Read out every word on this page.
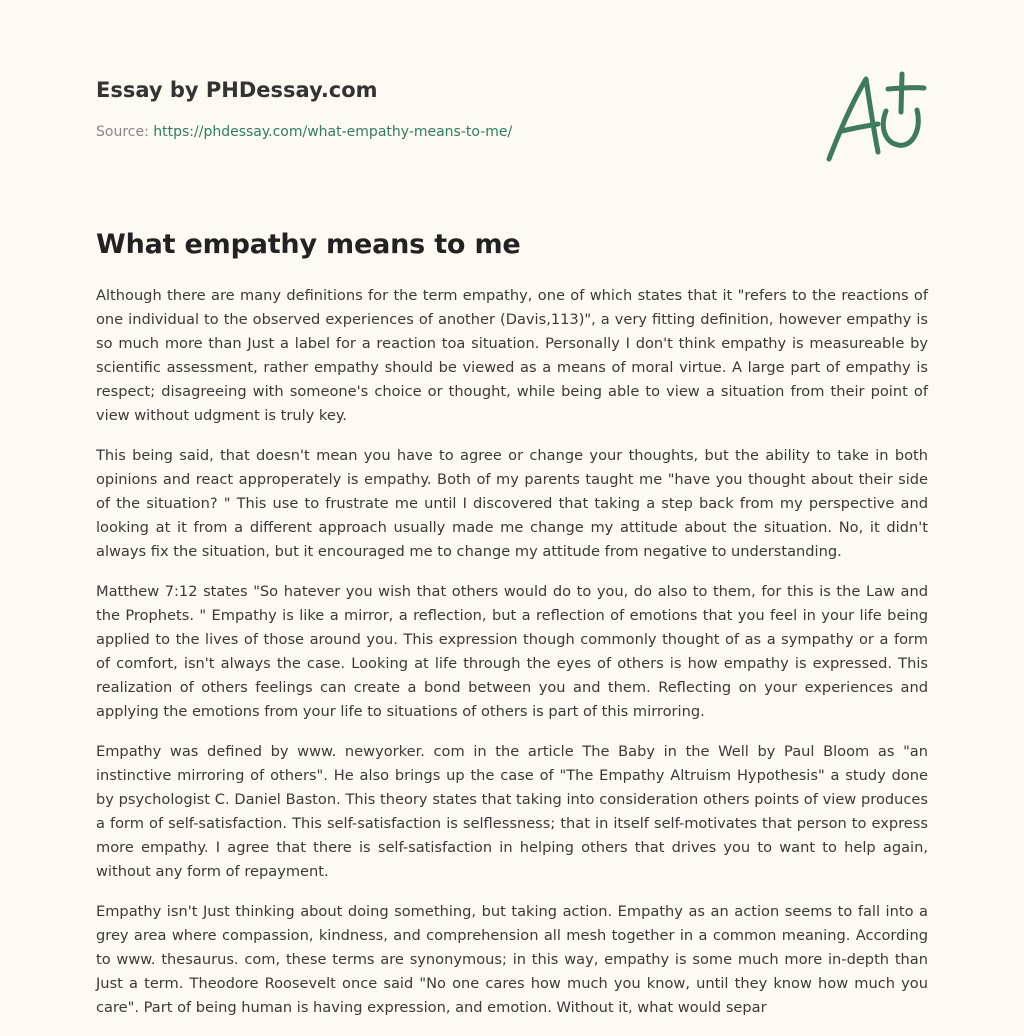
Essay by PHDessay.com
Source: https://phdessay.com/what-empathy-means-to-me/
What empathy means to me

Although there are many definitions for the term empathy, one of which states that it "refers to the reactions of one individual to the observed experiences of another (Davis,113)", a very fitting definition, however empathy is so much more than Just a label for a reaction toa situation. Personally I don't think empathy is measureable by scientific assessment, rather empathy should be viewed as a means of moral virtue. A large part of empathy is respect; disagreeing with someone's choice or thought, while being able to view a situation from their point of view without udgment is truly key.

This being said, that doesn't mean you have to agree or change your thoughts, but the ability to take in both opinions and react approperately is empathy. Both of my parents taught me "have you thought about their side of the situation? " This use to frustrate me until I discovered that taking a step back from my perspective and looking at it from a different approach usually made me change my attitude about the situation. No, it didn't always fix the situation, but it encouraged me to change my attitude from negative to understanding.

Matthew 7:12 states "So hatever you wish that others would do to you, do also to them, for this is the Law and the Prophets. " Empathy is like a mirror, a reflection, but a reflection of emotions that you feel in your life being applied to the lives of those around you. This expression though commonly thought of as a sympathy or a form of comfort, isn't always the case. Looking at life through the eyes of others is how empathy is expressed. This realization of others feelings can create a bond between you and them. Reflecting on your experiences and applying the emotions from your life to situations of others is part of this mirroring.

Empathy was defined by www. newyorker. com in the article The Baby in the Well by Paul Bloom as "an instinctive mirroring of others". He also brings up the case of "The Empathy Altruism Hypothesis" a study done by psychologist C. Daniel Baston. This theory states that taking into consideration others points of view produces a form of self-satisfaction. This self-satisfaction is selflessness; that in itself self-motivates that person to express more empathy. I agree that there is self-satisfaction in helping others that drives you to want to help again, without any form of repayment.

Empathy isn't Just thinking about doing something, but taking action. Empathy as an action seems to fall into a grey area where compassion, kindness, and comprehension all mesh together in a common meaning. According to www. thesaurus. com, these terms are synonymous; in this way, empathy is some much more in-depth than Just a term. Theodore Roosevelt once said "No one cares how much you know, until they know how much you care". Part of being human is having expression, and emotion. Without it, what would separ
